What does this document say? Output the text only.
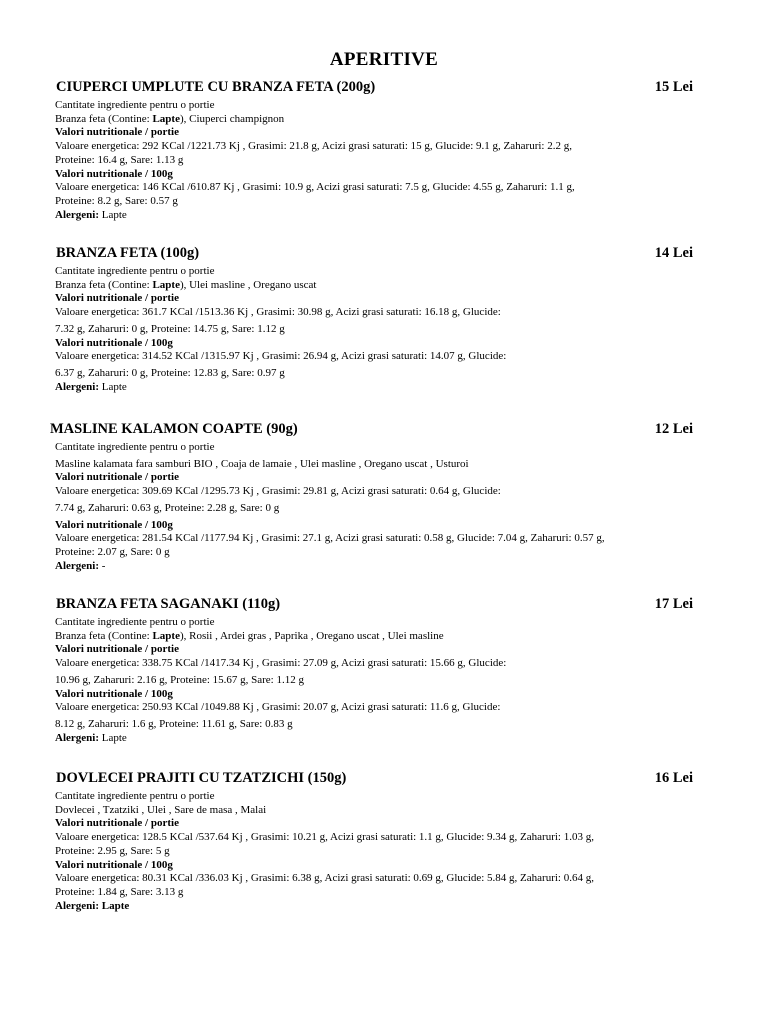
APERITIVE
CIUPERCI UMPLUTE CU BRANZA FETA (200g)	15 Lei
Cantitate ingrediente pentru o portie
Branza feta (Contine: Lapte), Ciuperci champignon
Valori nutritionale / portie
Valoare energetica: 292 KCal /1221.73 Kj , Grasimi: 21.8 g, Acizi grasi saturati: 15 g, Glucide: 9.1 g, Zaharuri: 2.2 g,
Proteine: 16.4 g, Sare: 1.13 g
Valori nutritionale / 100g
Valoare energetica: 146 KCal /610.87 Kj , Grasimi: 10.9 g, Acizi grasi saturati: 7.5 g, Glucide: 4.55 g, Zaharuri: 1.1 g,
Proteine: 8.2 g, Sare: 0.57 g
Alergeni: Lapte
BRANZA FETA (100g)	14 Lei
Cantitate ingrediente pentru o portie
Branza feta (Contine: Lapte), Ulei masline , Oregano uscat
Valori nutritionale / portie
Valoare energetica: 361.7 KCal /1513.36 Kj , Grasimi: 30.98 g, Acizi grasi saturati: 16.18 g, Glucide:
7.32 g, Zaharuri: 0 g, Proteine: 14.75 g, Sare: 1.12 g
Valori nutritionale / 100g
Valoare energetica: 314.52 KCal /1315.97 Kj , Grasimi: 26.94 g, Acizi grasi saturati: 14.07 g, Glucide:
6.37 g, Zaharuri: 0 g, Proteine: 12.83 g, Sare: 0.97 g
Alergeni: Lapte
MASLINE KALAMON COAPTE (90g)	12 Lei
Cantitate ingrediente pentru o portie
Masline kalamata fara samburi BIO , Coaja de lamaie , Ulei masline , Oregano uscat , Usturoi
Valori nutritionale / portie
Valoare energetica: 309.69 KCal /1295.73 Kj , Grasimi: 29.81 g, Acizi grasi saturati: 0.64 g, Glucide:
7.74 g, Zaharuri: 0.63 g, Proteine: 2.28 g, Sare: 0 g
Valori nutritionale / 100g
Valoare energetica: 281.54 KCal /1177.94 Kj , Grasimi: 27.1 g, Acizi grasi saturati: 0.58 g, Glucide: 7.04 g, Zaharuri: 0.57 g,
Proteine: 2.07 g, Sare: 0 g
Alergeni: -
BRANZA FETA SAGANAKI (110g)	17 Lei
Cantitate ingrediente pentru o portie
Branza feta (Contine: Lapte), Rosii , Ardei gras , Paprika , Oregano uscat , Ulei masline
Valori nutritionale / portie
Valoare energetica: 338.75 KCal /1417.34 Kj , Grasimi: 27.09 g, Acizi grasi saturati: 15.66 g, Glucide:
10.96 g, Zaharuri: 2.16 g, Proteine: 15.67 g, Sare: 1.12 g
Valori nutritionale / 100g
Valoare energetica: 250.93 KCal /1049.88 Kj , Grasimi: 20.07 g, Acizi grasi saturati: 11.6 g, Glucide:
8.12 g, Zaharuri: 1.6 g, Proteine: 11.61 g, Sare: 0.83 g
Alergeni: Lapte
DOVLECEI PRAJITI CU TZATZICHI (150g)	16 Lei
Cantitate ingrediente pentru o portie
Dovlecei , Tzatziki , Ulei , Sare de masa , Malai
Valori nutritionale / portie
Valoare energetica: 128.5 KCal /537.64 Kj , Grasimi: 10.21 g, Acizi grasi saturati: 1.1 g, Glucide: 9.34 g, Zaharuri: 1.03 g,
Proteine: 2.95 g, Sare: 5 g
Valori nutritionale / 100g
Valoare energetica: 80.31 KCal /336.03 Kj , Grasimi: 6.38 g, Acizi grasi saturati: 0.69 g, Glucide: 5.84 g, Zaharuri: 0.64 g,
Proteine: 1.84 g, Sare: 3.13 g
Alergeni: Lapte
